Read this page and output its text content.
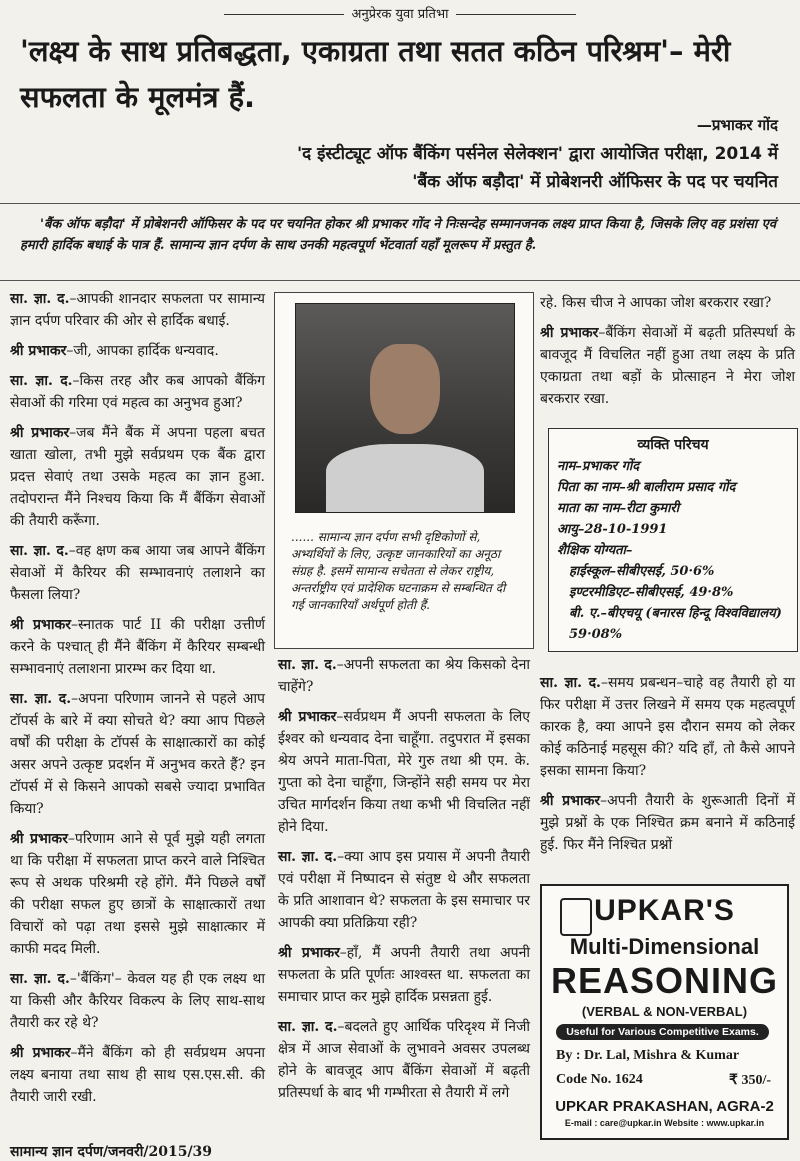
अनुप्रेरक युवा प्रतिभा
'लक्ष्य के साथ प्रतिबद्धता, एकाग्रता तथा सतत कठिन परिश्रम'– मेरी सफलता के मूलमंत्र हैं.
—प्रभाकर गोंद
'द इंस्टीट्यूट ऑफ बैंकिंग पर्सनेल सेलेक्शन' द्वारा आयोजित परीक्षा, 2014 में
'बैंक ऑफ बड़ौदा' में प्रोबेशनरी ऑफिसर के पद पर चयनित
'बैंक ऑफ बड़ौदा' में प्रोबेशनरी ऑफिसर के पद पर चयनित होकर श्री प्रभाकर गोंद ने निःसन्देह सम्मानजनक लक्ष्य प्राप्त किया है, जिसके लिए वह प्रशंसा एवं हमारी हार्दिक बधाई के पात्र हैं. सामान्य ज्ञान दर्पण के साथ उनकी महत्वपूर्ण भेंटवार्ता यहाँ मूलरूप में प्रस्तुत है.

सा. ज्ञा. द.–आपकी शानदार सफलता पर सामान्य ज्ञान दर्पण परिवार की ओर से हार्दिक बधाई.

श्री प्रभाकर–जी, आपका हार्दिक धन्यवाद.

सा. ज्ञा. द.–किस तरह और कब आपको बैंकिंग सेवाओं की गरिमा एवं महत्व का अनुभव हुआ?

श्री प्रभाकर–जब मैंने बैंक में अपना पहला बचत खाता खोला, तभी मुझे सर्वप्रथम एक बैंक द्वारा प्रदत्त सेवाएं तथा उसके महत्व का ज्ञान हुआ. तदोपरान्त मैंने निश्चय किया कि मैं बैंकिंग सेवाओं की तैयारी करूँगा.

सा. ज्ञा. द.–वह क्षण कब आया जब आपने बैंकिंग सेवाओं में कैरियर की सम्भावनाएं तलाशने का फैसला लिया?

श्री प्रभाकर–स्नातक पार्ट II की परीक्षा उत्तीर्ण करने के पश्चात् ही मैंने बैंकिंग में कैरियर सम्बन्धी सम्भावनाएं तलाशना प्रारम्भ कर दिया था.

सा. ज्ञा. द.–अपना परिणाम जानने से पहले आप टॉपर्स के बारे में क्या सोचते थे? क्या आप पिछले वर्षों की परीक्षा के टॉपर्स के साक्षात्कारों का कोई असर अपने उत्कृष्ट प्रदर्शन में अनुभव करते हैं? इन टॉपर्स में से किसने आपको सबसे ज्यादा प्रभावित किया?

श्री प्रभाकर–परिणाम आने से पूर्व मुझे यही लगता था कि परीक्षा में सफलता प्राप्त करने वाले निश्चित रूप से अथक परिश्रमी रहे होंगे. मैंने पिछले वर्षों की परीक्षा सफल हुए छात्रों के साक्षात्कारों तथा विचारों को पढ़ा तथा इससे मुझे साक्षात्कार में काफी मदद मिली.

सा. ज्ञा. द.–'बैंकिंग'– केवल यह ही एक लक्ष्य था या किसी और कैरियर विकल्प के लिए साथ-साथ तैयारी कर रहे थे?

श्री प्रभाकर–मैंने बैंकिंग को ही सर्वप्रथम अपना लक्ष्य बनाया तथा साथ ही साथ एस.एस.सी. की तैयारी जारी रखी.

...... सामान्य ज्ञान दर्पण सभी दृष्टिकोणों से, अभ्यर्थियों के लिए, उत्कृष्ट जानकारियों का अनूठा संग्रह है. इसमें सामान्य सचेतता से लेकर राष्ट्रीय, अन्तर्राष्ट्रीय एवं प्रादेशिक घटनाक्रम से सम्बन्धित दी गई जानकारियाँ अर्थपूर्ण होती हैं.

सा. ज्ञा. द.–अपनी सफलता का श्रेय किसको देना चाहेंगे?

श्री प्रभाकर–सर्वप्रथम मैं अपनी सफलता के लिए ईश्वर को धन्यवाद देना चाहूँगा. तदुपरात में इसका श्रेय अपने माता-पिता, मेरे गुरु तथा श्री एम. के. गुप्ता को देना चाहूँगा, जिन्होंने सही समय पर मेरा उचित मार्गदर्शन किया तथा कभी भी विचलित नहीं होने दिया.

सा. ज्ञा. द.–क्या आप इस प्रयास में अपनी तैयारी एवं परीक्षा में निष्पादन से संतुष्ट थे और सफलता के प्रति आशावान थे? सफलता के इस समाचार पर आपकी क्या प्रतिक्रिया रही?

श्री प्रभाकर–हाँ, मैं अपनी तैयारी तथा अपनी सफलता के प्रति पूर्णतः आश्वस्त था. सफलता का समाचार प्राप्त कर मुझे हार्दिक प्रसन्नता हुई.

सा. ज्ञा. द.–बदलते हुए आर्थिक परिदृश्य में निजी क्षेत्र में आज सेवाओं के लुभावने अवसर उपलब्ध होने के बावजूद आप बैंकिंग सेवाओं में बढ़ती प्रतिस्पर्धा के बाद भी गम्भीरता से तैयारी में लगे

रहे. किस चीज ने आपका जोश बरकरार रखा?

श्री प्रभाकर–बैंकिंग सेवाओं में बढ़ती प्रतिस्पर्धा के बावजूद मैं विचलित नहीं हुआ तथा लक्ष्य के प्रति एकाग्रता तथा बड़ों के प्रोत्साहन ने मेरा जोश बरकरार रखा.

व्यक्ति परिचय
नाम–प्रभाकर गोंद
पिता का नाम–श्री बालीराम प्रसाद गोंद
माता का नाम–रीटा कुमारी
आयु–28-10-1991
शैक्षिक योग्यता–
हाईस्कूल–सीबीएसई, 50·6%
इण्टरमीडिएट–सीबीएसई, 49·8%
बी. ए.–बीएचयू (बनारस हिन्दू विश्वविद्यालय) 59·08%

सा. ज्ञा. द.–समय प्रबन्धन–चाहे वह तैयारी हो या फिर परीक्षा में उत्तर लिखने में समय एक महत्वपूर्ण कारक है, क्या आपने इस दौरान समय को लेकर कोई कठिनाई महसूस की? यदि हाँ, तो कैसे आपने इसका सामना किया?

श्री प्रभाकर–अपनी तैयारी के शुरूआती दिनों में मुझे प्रश्नों के एक निश्चित क्रम बनाने में कठिनाई हुई. फिर मैंने निश्चित प्रश्नों

UPKAR'S
Multi-Dimensional
REASONING
(VERBAL & NON-VERBAL)
Useful for Various Competitive Exams.
By : Dr. Lal, Mishra & Kumar
₹ 350/-
Code No. 1624
UPKAR PRAKASHAN, AGRA-2
E-mail : care@upkar.in Website : www.upkar.in
सामान्य ज्ञान दर्पण/जनवरी/2015/39
